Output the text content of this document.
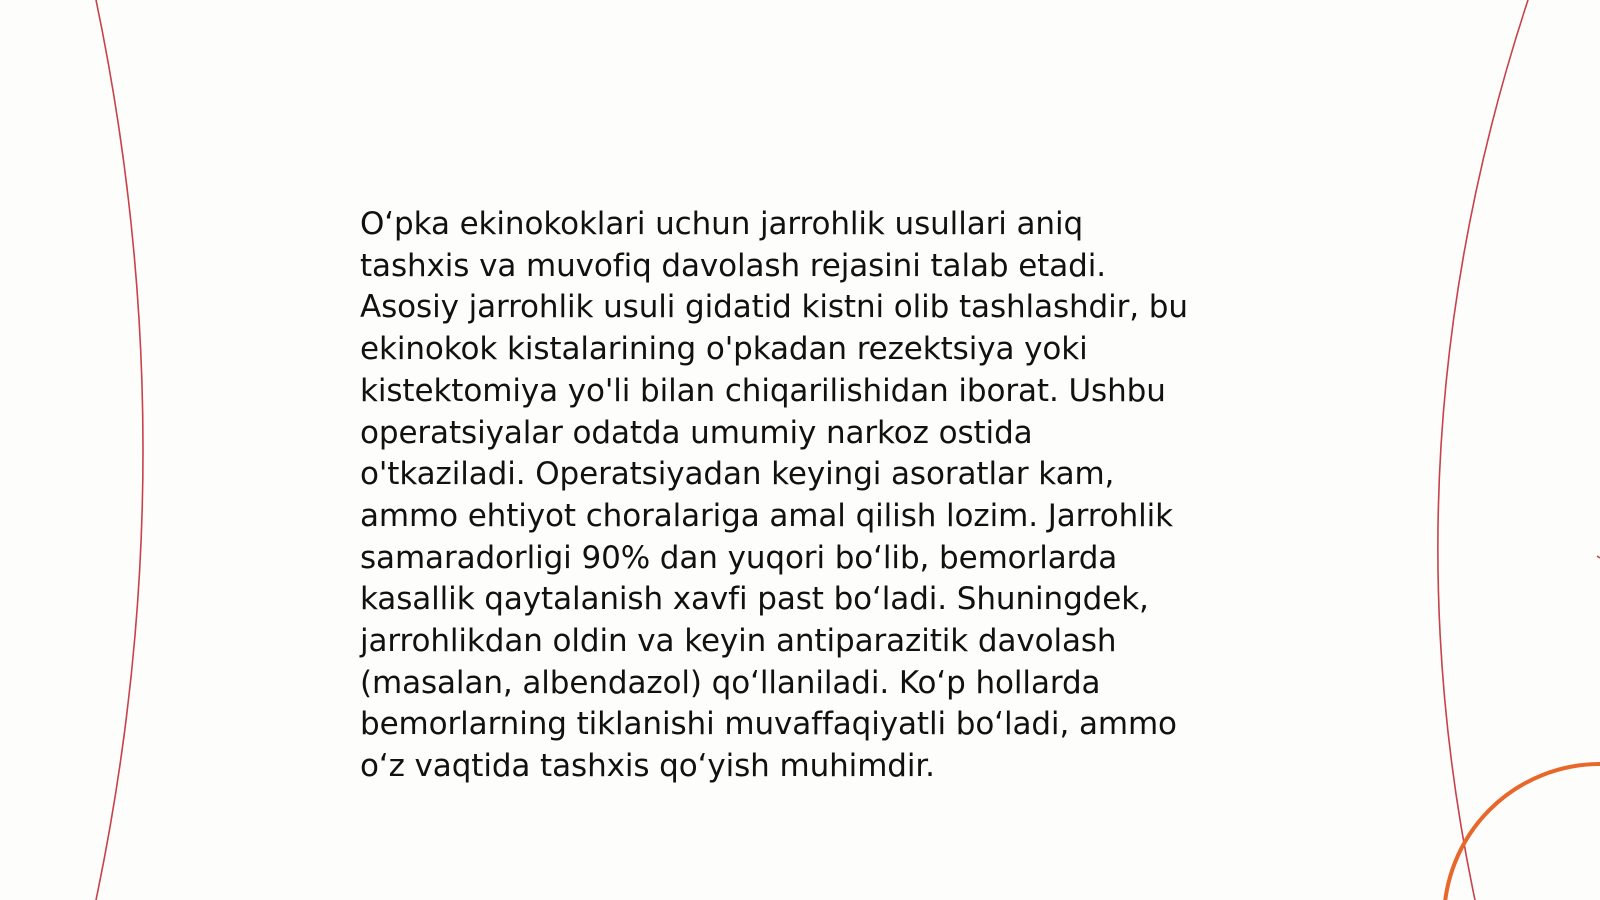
O‘pka ekinokoklari uchun jarrohlik usullari aniq
tashxis va muvofiq davolash rejasini talab etadi.
Asosiy jarrohlik usuli gidatid kistni olib tashlashdir, bu
ekinokok kistalarining o'pkadan rezektsiya yoki
kistektomiya yo'li bilan chiqarilishidan iborat. Ushbu
operatsiyalar odatda umumiy narkoz ostida
o'tkaziladi. Operatsiyadan keyingi asoratlar kam,
ammo ehtiyot choralariga amal qilish lozim. Jarrohlik
samaradorligi 90% dan yuqori bo‘lib, bemorlarda
kasallik qaytalanish xavfi past bo‘ladi. Shuningdek,
jarrohlikdan oldin va keyin antiparazitik davolash
(masalan, albendazol) qo‘llaniladi. Ko‘p hollarda
bemorlarning tiklanishi muvaffaqiyatli bo‘ladi, ammo
o‘z vaqtida tashxis qo‘yish muhimdir.
